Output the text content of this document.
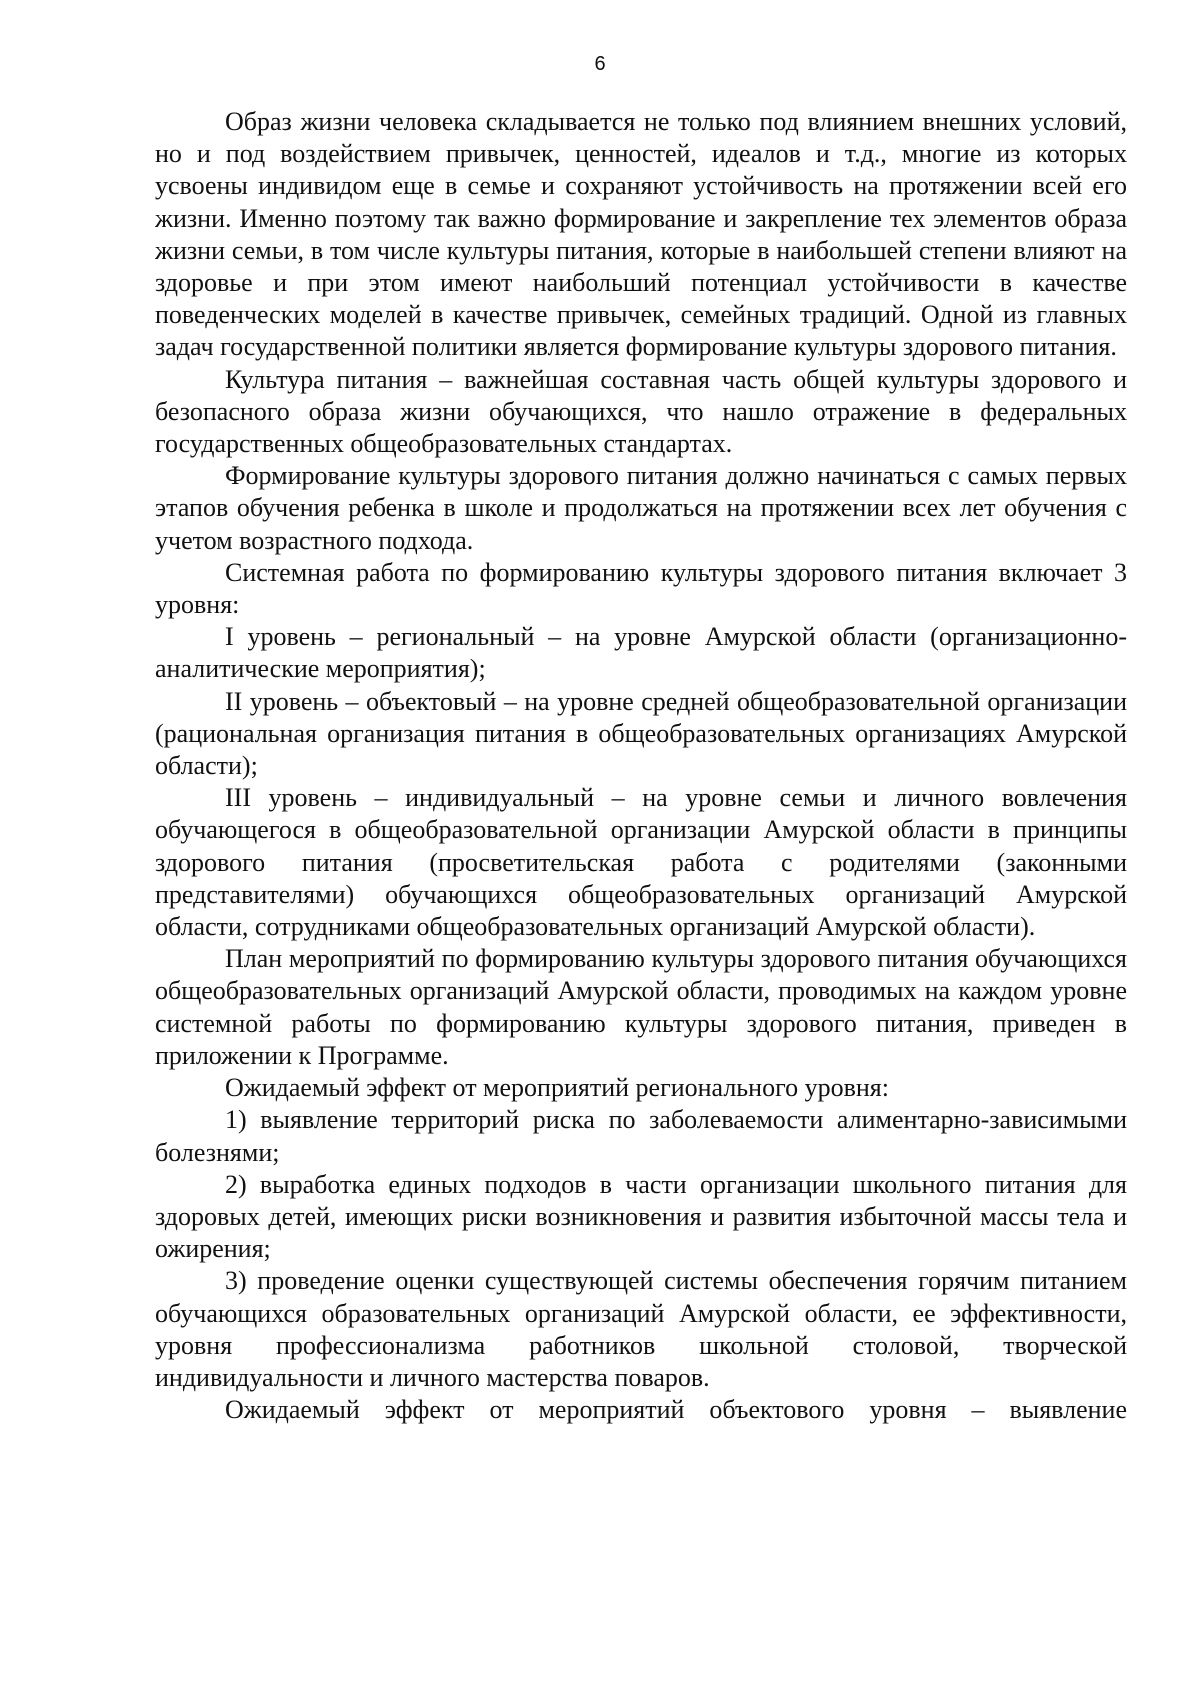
6

Образ жизни человека складывается не только под влиянием внешних условий, но и под воздействием привычек, ценностей, идеалов и т.д., многие из которых усвоены индивидом еще в семье и сохраняют устойчивость на протяжении всей его жизни. Именно поэтому так важно формирование и закрепление тех элементов образа жизни семьи, в том числе культуры питания, которые в наибольшей степени влияют на здоровье и при этом имеют наибольший потенциал устойчивости в качестве поведенческих моделей в качестве привычек, семейных традиций. Одной из главных задач государственной политики является формирование культуры здорового питания.

Культура питания – важнейшая составная часть общей культуры здорового и безопасного образа жизни обучающихся, что нашло отражение в федеральных государственных общеобразовательных стандартах.

Формирование культуры здорового питания должно начинаться с самых первых этапов обучения ребенка в школе и продолжаться на протяжении всех лет обучения с учетом возрастного подхода.

Системная работа по формированию культуры здорового питания включает 3 уровня:

I уровень – региональный – на уровне Амурской области (организационно-аналитические мероприятия);

II уровень – объектовый – на уровне средней общеобразовательной организации (рациональная организация питания в общеобразовательных организациях Амурской области);

III уровень – индивидуальный – на уровне семьи и личного вовлечения обучающегося в общеобразовательной организации Амурской области в принципы здорового питания (просветительская работа с родителями (законными представителями) обучающихся общеобразовательных организаций Амурской области, сотрудниками общеобразовательных организаций Амурской области).

План мероприятий по формированию культуры здорового питания обучающихся общеобразовательных организаций Амурской области, проводимых на каждом уровне системной работы по формированию культуры здорового питания, приведен в приложении к Программе.

Ожидаемый эффект от мероприятий регионального уровня:

1) выявление территорий риска по заболеваемости алиментарно-зависимыми болезнями;

2) выработка единых подходов в части организации школьного питания для здоровых детей, имеющих риски возникновения и развития избыточной массы тела и ожирения;

3) проведение оценки существующей системы обеспечения горячим питанием обучающихся образовательных организаций Амурской области, ее эффективности, уровня профессионализма работников школьной столовой, творческой индивидуальности и личного мастерства поваров.

Ожидаемый эффект от мероприятий объектового уровня – выявление
